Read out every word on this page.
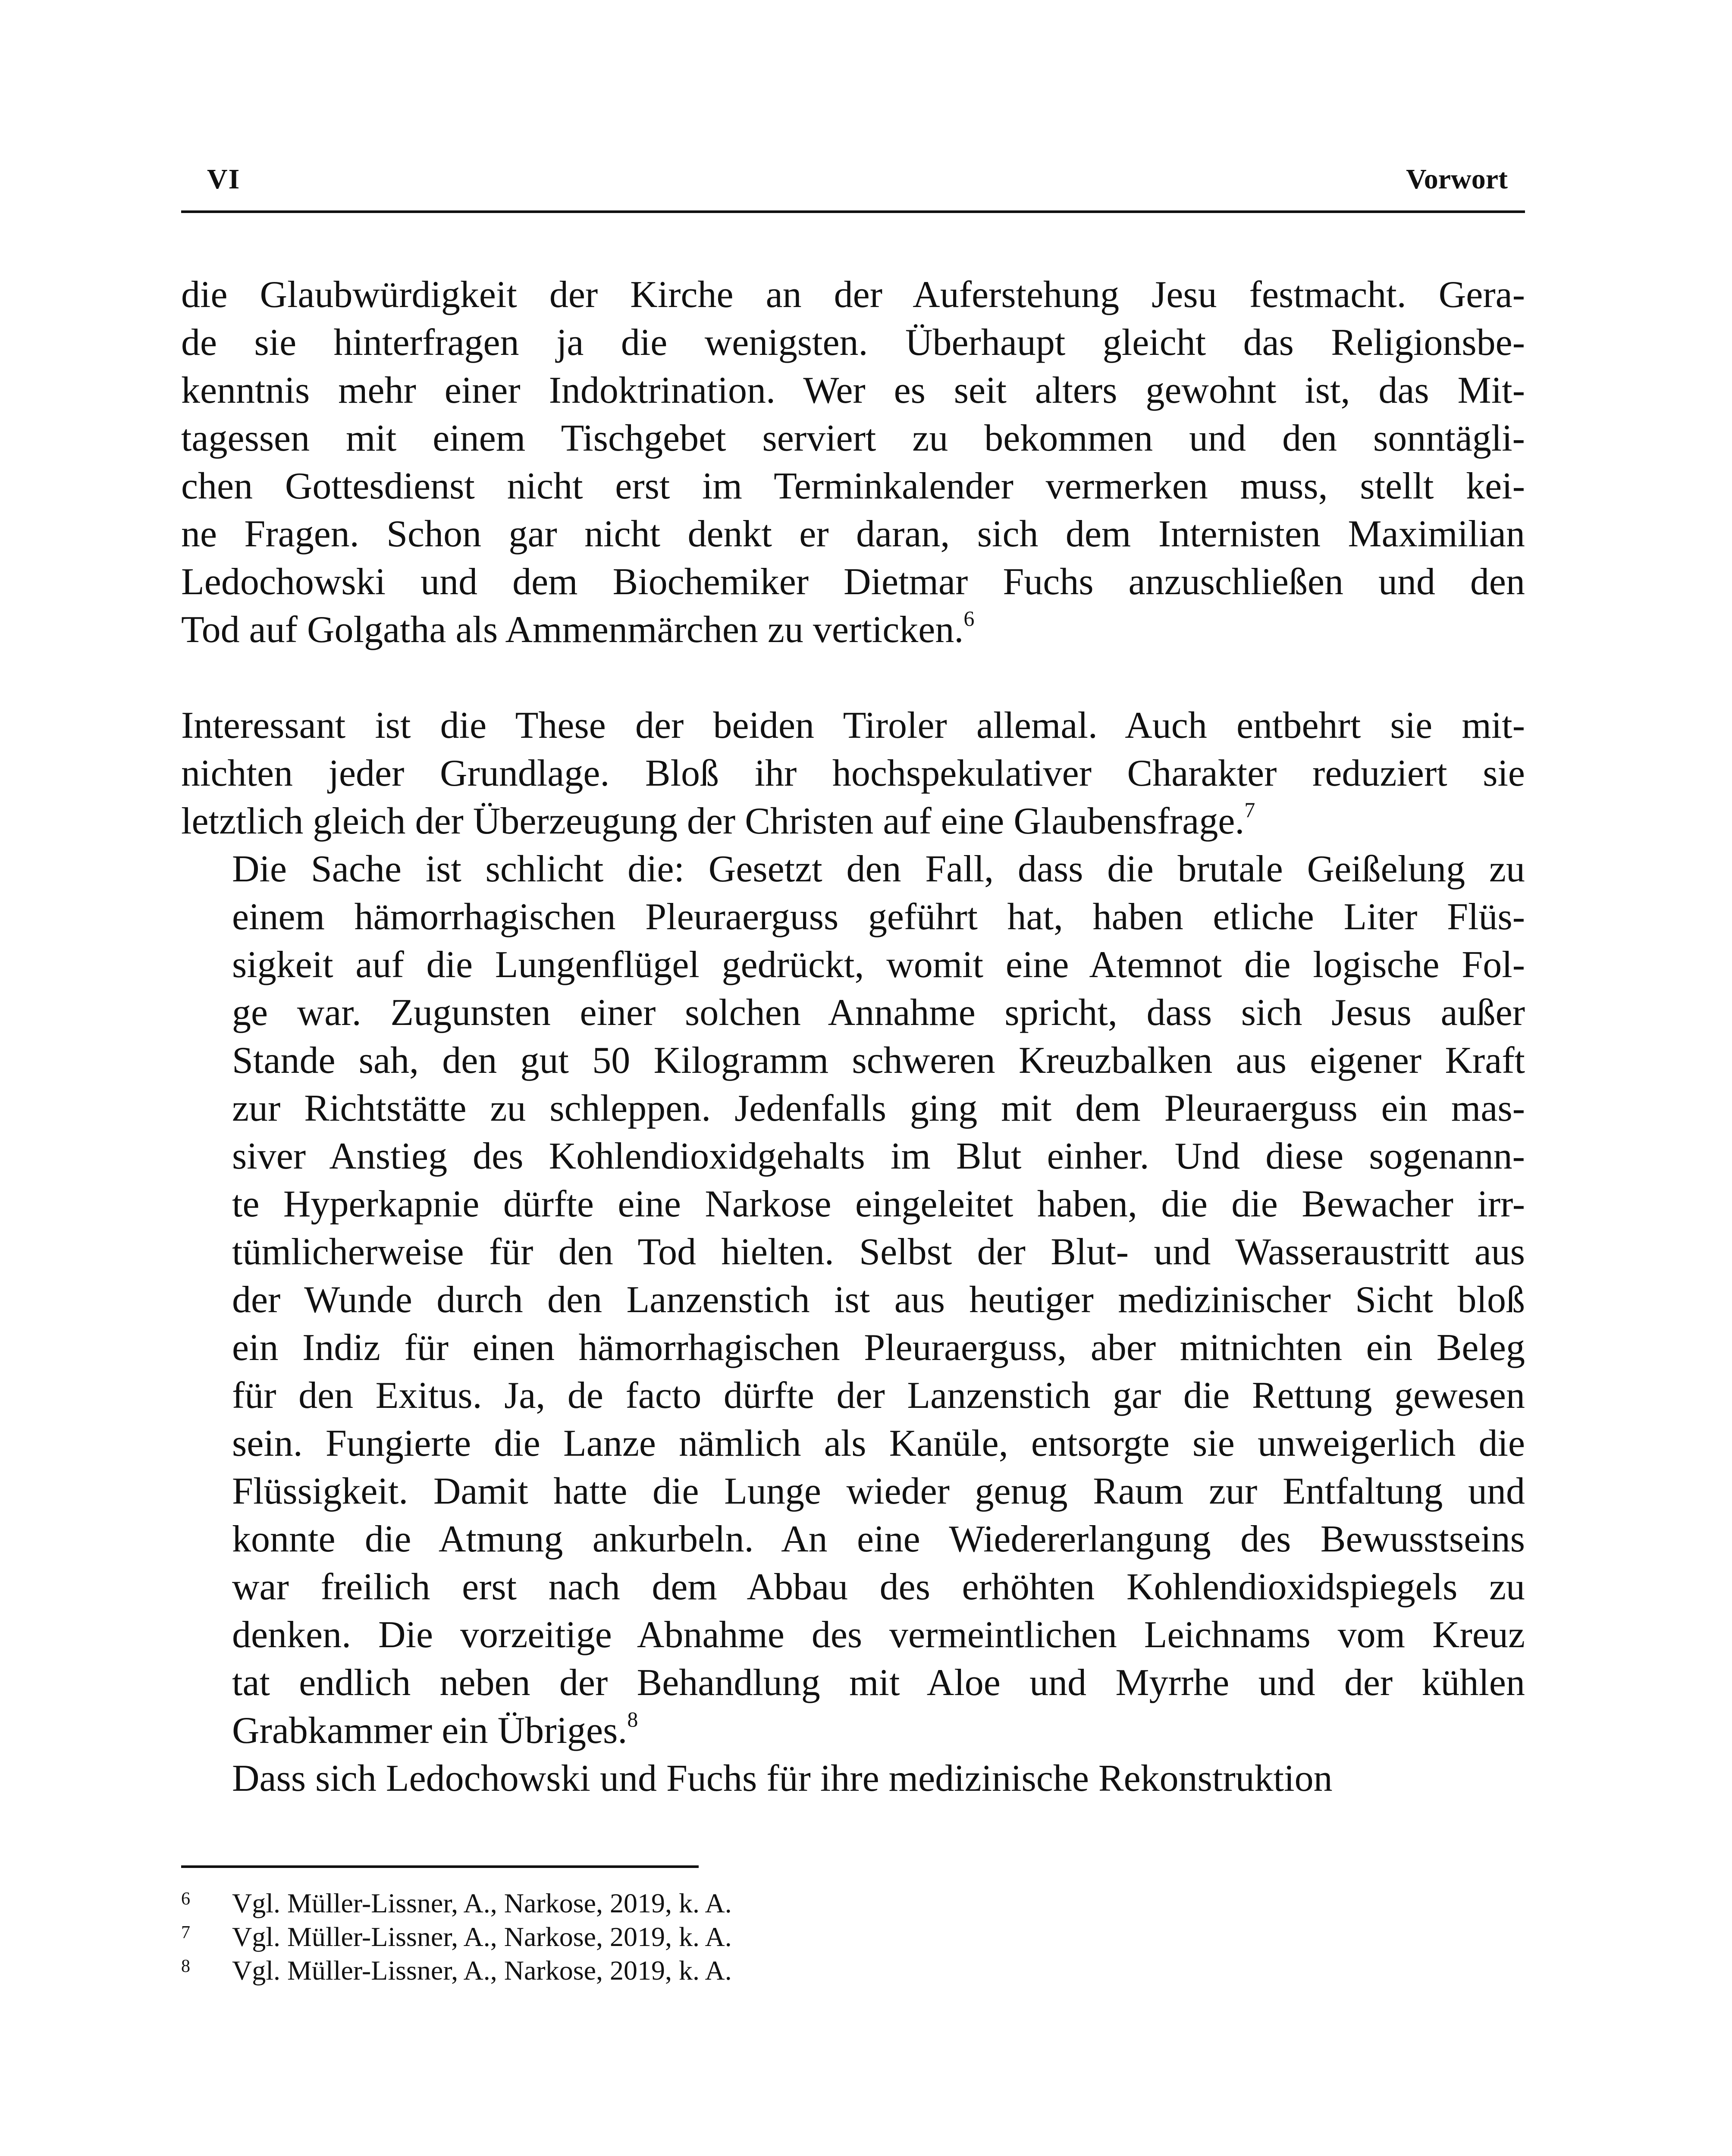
VI	Vorwort

die Glaubwürdigkeit der Kirche an der Auferstehung Jesu festmacht. Gera-
de sie hinterfragen ja die wenigsten. Überhaupt gleicht das Religionsbe-
kenntnis mehr einer Indoktrination. Wer es seit alters gewohnt ist, das Mit-
tagessen mit einem Tischgebet serviert zu bekommen und den sonntägli-
chen Gottesdienst nicht erst im Terminkalender vermerken muss, stellt kei-
ne Fragen. Schon gar nicht denkt er daran, sich dem Internisten Maximilian
Ledochowski und dem Biochemiker Dietmar Fuchs anzuschließen und den
Tod auf Golgatha als Ammenmärchen zu verticken.$^6$

Interessant ist die These der beiden Tiroler allemal. Auch entbehrt sie mit-
nichten jeder Grundlage. Bloß ihr hochspekulativer Charakter reduziert sie
letztlich gleich der Überzeugung der Christen auf eine Glaubensfrage.$^7$

Die Sache ist schlicht die: Gesetzt den Fall, dass die brutale Geißelung zu
einem hämorrhagischen Pleuraerguss geführt hat, haben etliche Liter Flüs-
sigkeit auf die Lungenflügel gedrückt, womit eine Atemnot die logische Fol-
ge war. Zugunsten einer solchen Annahme spricht, dass sich Jesus außer
Stande sah, den gut 50 Kilogramm schweren Kreuzbalken aus eigener Kraft
zur Richtstätte zu schleppen. Jedenfalls ging mit dem Pleuraerguss ein mas-
siver Anstieg des Kohlendioxidgehalts im Blut einher. Und diese sogenann-
te Hyperkapnie dürfte eine Narkose eingeleitet haben, die die Bewacher irr-
tümlicherweise für den Tod hielten. Selbst der Blut- und Wasseraustritt aus
der Wunde durch den Lanzenstich ist aus heutiger medizinischer Sicht bloß
ein Indiz für einen hämorrhagischen Pleuraerguss, aber mitnichten ein Beleg
für den Exitus. Ja, de facto dürfte der Lanzenstich gar die Rettung gewesen
sein. Fungierte die Lanze nämlich als Kanüle, entsorgte sie unweigerlich die
Flüssigkeit. Damit hatte die Lunge wieder genug Raum zur Entfaltung und
konnte die Atmung ankurbeln. An eine Wiedererlangung des Bewusstseins
war freilich erst nach dem Abbau des erhöhten Kohlendioxidspiegels zu
denken. Die vorzeitige Abnahme des vermeintlichen Leichnams vom Kreuz
tat endlich neben der Behandlung mit Aloe und Myrrhe und der kühlen
Grabkammer ein Übriges.$^8$

Dass sich Ledochowski und Fuchs für ihre medizinische Rekonstruktion

6 Vgl. Müller-Lissner, A., Narkose, 2019, k. A.
7 Vgl. Müller-Lissner, A., Narkose, 2019, k. A.
8 Vgl. Müller-Lissner, A., Narkose, 2019, k. A.
